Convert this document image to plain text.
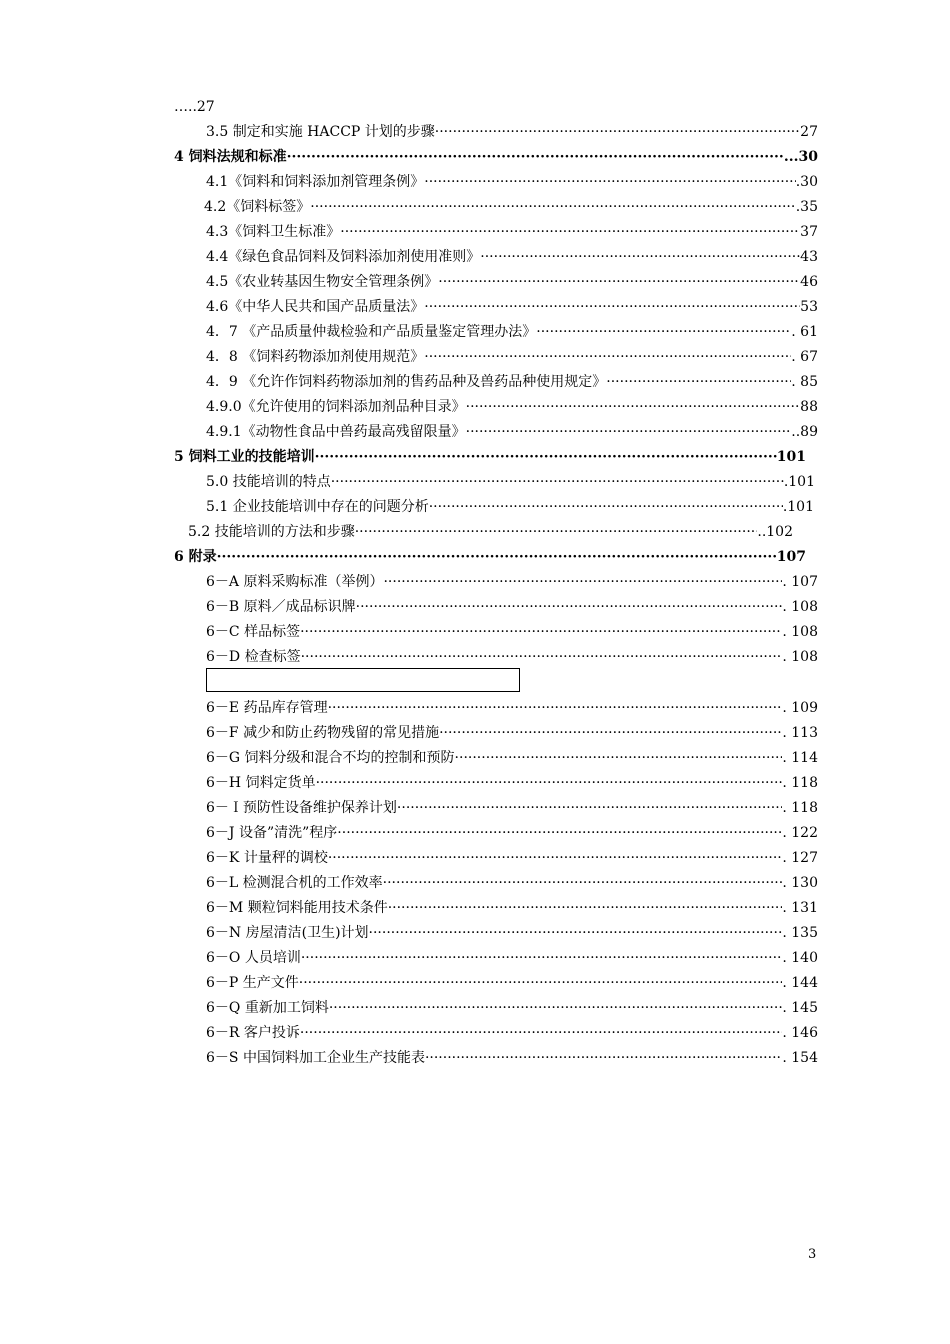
…..27
3.5 制定和实施 HACCP 计划的步骤 ·····	27
4 饲料法规和标准 ·····	...30
4.1《饲料和饲料添加剂管理条例》 ·····	.30
4.2《饲料标签》 ·····	.35
4.3《饲料卫生标准》 ·····	37
4.4《绿色食品饲料及饲料添加剂使用准则》 ·····	43
4.5《农业转基因生物安全管理条例》 ·····	46
4.6《中华人民共和国产品质量法》 ·····	53
4．7 《产品质量仲裁检验和产品质量鉴定管理办法》 ·····	. 61
4．8 《饲料药物添加剂使用规范》 ·····	. 67
4．9 《允许作饲料药物添加剂的售药品种及兽药品种使用规定》 ·····	. 85
4.9.0《允许使用的饲料添加剂品种目录》 ·····	88
4.9.1《动物性食品中兽药最高残留限量》 ·····	..89
5 饲料工业的技能培训 ·····	101
5.0 技能培训的特点 ·····	.101
5.1 企业技能培训中存在的问题分析 ·····	.101
5.2 技能培训的方法和步骤 ·····	..102
6 附录 ·····	107
6－A 原料采购标准（举例） ·····	. 107
6－B 原料／成品标识牌 ·····	. 108
6－C 样品标签 ·····	. 108
6－D 检查标签 ·····	. 108
6－E 药品库存管理 ·····	. 109
6－F 减少和防止药物残留的常见措施 ·····	. 113
6－G 饲料分级和混合不均的控制和预防 ·····	. 114
6－H 饲料定货单 ·····	. 118
6－Ｉ预防性设备维护保养计划 ·····	. 118
6－J 设备”清洗”程序 ·····	. 122
6－K 计量秤的调校 ·····	. 127
6－L 检测混合机的工作效率 ·····	. 130
6－M 颗粒饲料能用技术条件 ·····	. 131
6－N 房屋清洁(卫生)计划 ·····	. 135
6－O 人员培训 ·····	. 140
6－P 生产文件 ·····	. 144
6－Q 重新加工饲料 ·····	. 145
6－R 客户投诉 ·····	. 146
6－S 中国饲料加工企业生产技能表 ·····	. 154
3
